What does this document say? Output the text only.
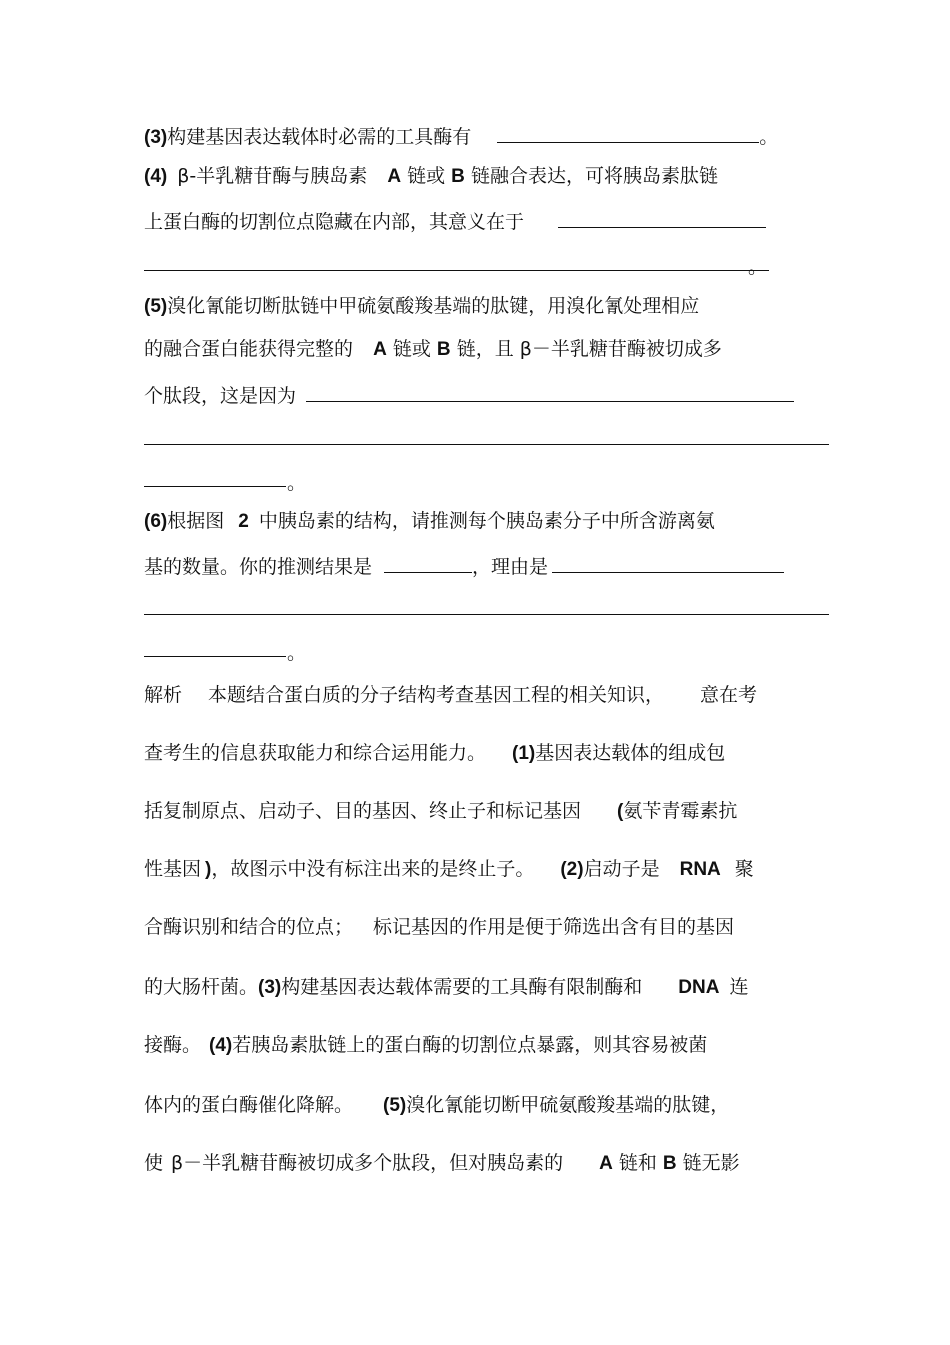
(3)构建基因表达载体时必需的工具酶有	。
(4) β-半乳糖苷酶与胰岛素 A 链或 B 链融合表达，可将胰岛素肽链
上蛋白酶的切割位点隐藏在内部，其意义在于
。
(5)溴化氰能切断肽链中甲硫氨酸羧基端的肽键，用溴化氰处理相应
的融合蛋白能获得完整的 A 链或 B 链，且 β－半乳糖苷酶被切成多
个肽段，这是因为
。
(6)根据图 2 中胰岛素的结构，请推测每个胰岛素分子中所含游离氨
基的数量。你的推测结果是	，理由是
。
解析 本题结合蛋白质的分子结构考查基因工程的相关知识， 意在考
查考生的信息获取能力和综合运用能力。 (1)基因表达载体的组成包
括复制原点、启动子、目的基因、终止子和标记基因 (氨苄青霉素抗
性基因 )，故图示中没有标注出来的是终止子。 (2)启动子是 RNA 聚
合酶识别和结合的位点； 标记基因的作用是便于筛选出含有目的基因
的大肠杆菌。(3)构建基因表达载体需要的工具酶有限制酶和 DNA 连
接酶。 (4)若胰岛素肽链上的蛋白酶的切割位点暴露，则其容易被菌
体内的蛋白酶催化降解。 (5)溴化氰能切断甲硫氨酸羧基端的肽键，
使 β－半乳糖苷酶被切成多个肽段，但对胰岛素的 A 链和 B 链无影
